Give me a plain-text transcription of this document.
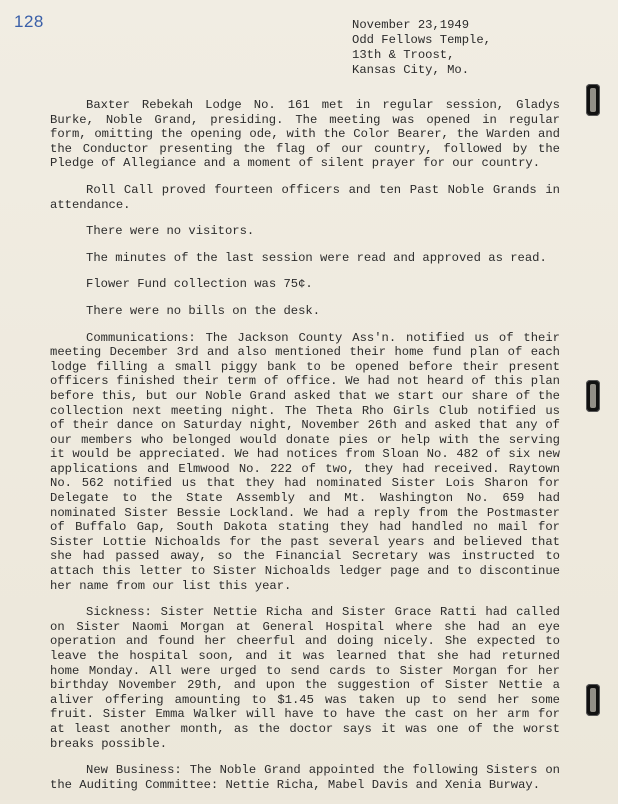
128	November 23,1949
Odd Fellows Temple,
13th & Troost,
Kansas City, Mo.

Baxter Rebekah Lodge No. 161 met in regular session, Gladys Burke, Noble Grand, presiding. The meeting was opened in regular form, omitting the opening ode, with the Color Bearer, the Warden and the Conductor presenting the flag of our country, followed by the Pledge of Allegiance and a moment of silent prayer for our country.

Roll Call proved fourteen officers and ten Past Noble Grands in attendance.

There were no visitors.

The minutes of the last session were read and approved as read.

Flower Fund collection was 75¢.

There were no bills on the desk.

Communications: The Jackson County Ass'n. notified us of their meeting December 3rd and also mentioned their home fund plan of each lodge filling a small piggy bank to be opened before their present officers finished their term of office. We had not heard of this plan before this, but our Noble Grand asked that we start our share of the collection next meeting night. The Theta Rho Girls Club notified us of their dance on Saturday night, November 26th and asked that any of our members who belonged would donate pies or help with the serving it would be appreciated. We had notices from Sloan No. 482 of six new applications and Elmwood No. 222 of two, they had received. Raytown No. 562 notified us that they had nominated Sister Lois Sharon for Delegate to the State Assembly and Mt. Washington No. 659 had nominated Sister Bessie Lockland. We had a reply from the Postmaster of Buffalo Gap, South Dakota stating they had handled no mail for Sister Lottie Nichoalds for the past several years and believed that she had passed away, so the Financial Secretary was instructed to attach this letter to Sister Nichoalds ledger page and to discontinue her name from our list this year.

Sickness: Sister Nettie Richa and Sister Grace Ratti had called on Sister Naomi Morgan at General Hospital where she had an eye operation and found her cheerful and doing nicely. She expected to leave the hospital soon, and it was learned that she had returned home Monday. All were urged to send cards to Sister Morgan for her birthday November 29th, and upon the suggestion of Sister Nettie a aliver offering amounting to $1.45 was taken up to send her some fruit. Sister Emma Walker will have to have the cast on her arm for at least another month, as the doctor says it was one of the worst breaks possible.

New Business: The Noble Grand appointed the following Sisters on the Auditing Committee: Nettie Richa, Mabel Davis and Xenia Burway.
